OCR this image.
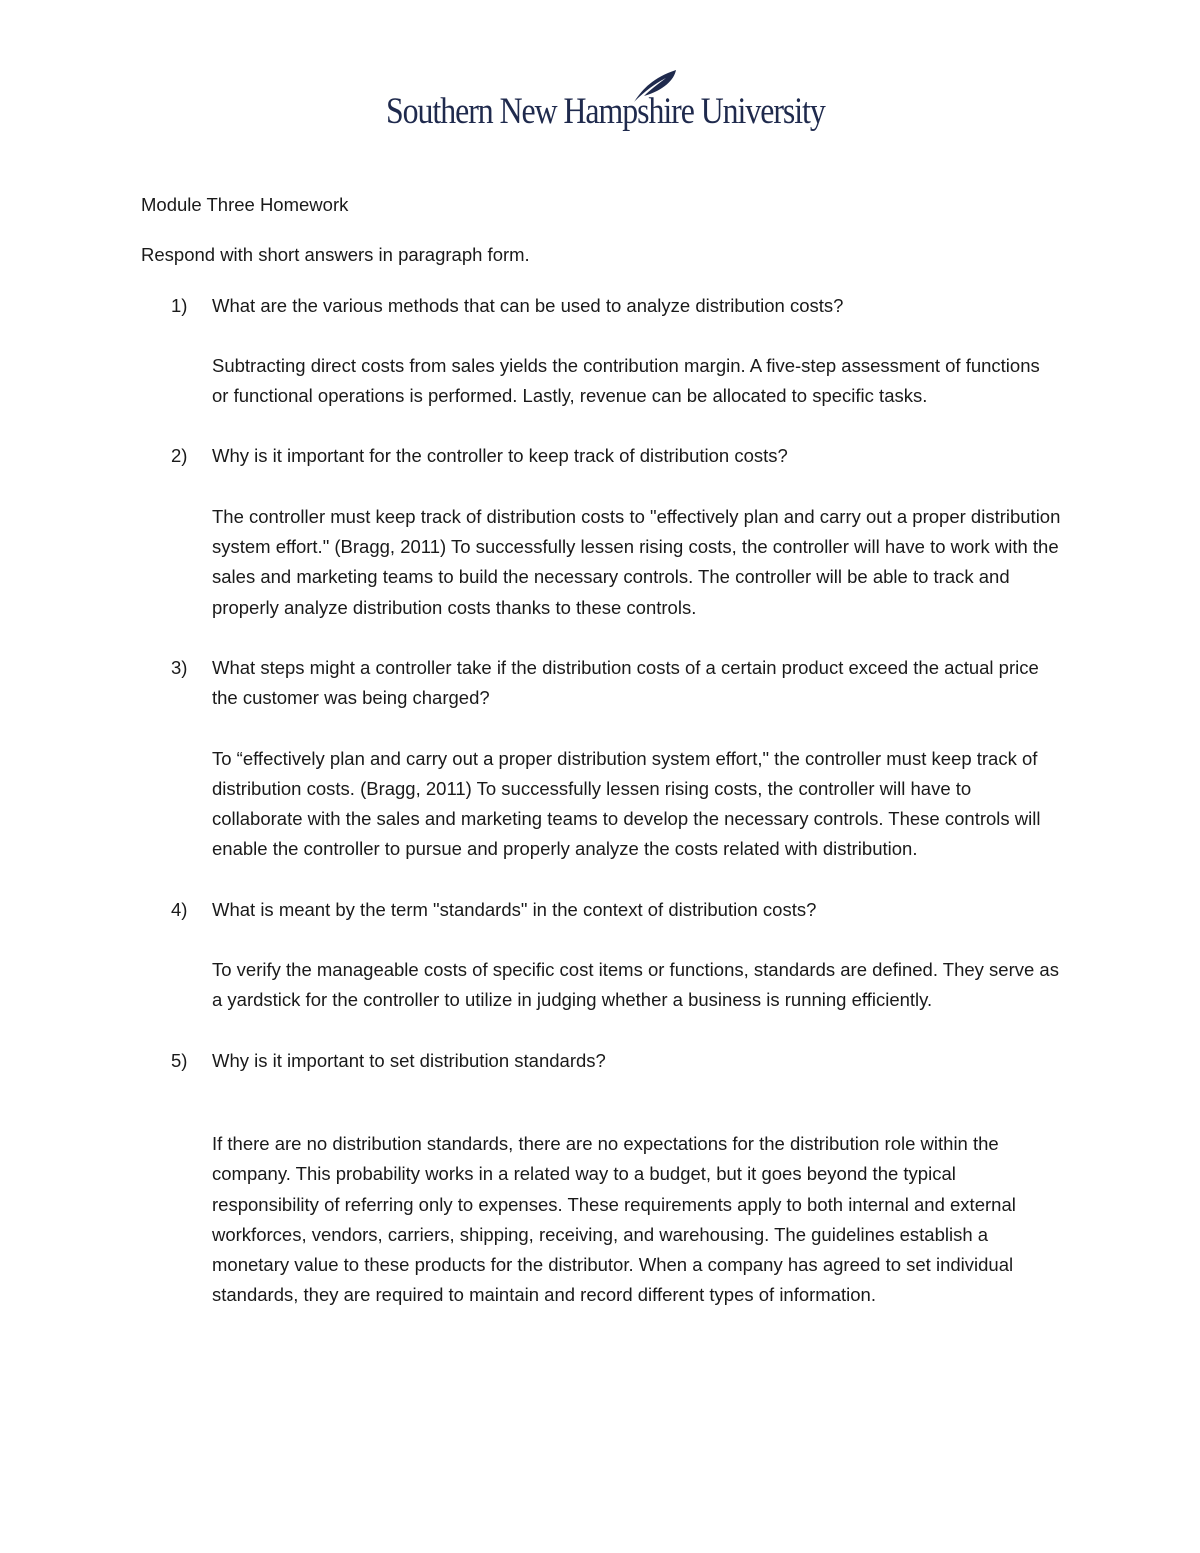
Southern New Hampshire University

Module Three Homework

Respond with short answers in paragraph form.

1)	What are the various methods that can be used to analyze distribution costs?

Subtracting direct costs from sales yields the contribution margin. A five-step assessment of functions or functional operations is performed. Lastly, revenue can be allocated to specific tasks.

2)	Why is it important for the controller to keep track of distribution costs?

The controller must keep track of distribution costs to "effectively plan and carry out a proper distribution system effort." (Bragg, 2011) To successfully lessen rising costs, the controller will have to work with the sales and marketing teams to build the necessary controls. The controller will be able to track and properly analyze distribution costs thanks to these controls.

3)	What steps might a controller take if the distribution costs of a certain product exceed the actual price the customer was being charged?

To “effectively plan and carry out a proper distribution system effort," the controller must keep track of distribution costs. (Bragg, 2011) To successfully lessen rising costs, the controller will have to collaborate with the sales and marketing teams to develop the necessary controls. These controls will enable the controller to pursue and properly analyze the costs related with distribution.

4)	What is meant by the term "standards" in the context of distribution costs?

To verify the manageable costs of specific cost items or functions, standards are defined. They serve as a yardstick for the controller to utilize in judging whether a business is running efficiently.

5)	Why is it important to set distribution standards?

If there are no distribution standards, there are no expectations for the distribution role within the company. This probability works in a related way to a budget, but it goes beyond the typical responsibility of referring only to expenses. These requirements apply to both internal and external workforces, vendors, carriers, shipping, receiving, and warehousing. The guidelines establish a monetary value to these products for the distributor. When a company has agreed to set individual standards, they are required to maintain and record different types of information.
